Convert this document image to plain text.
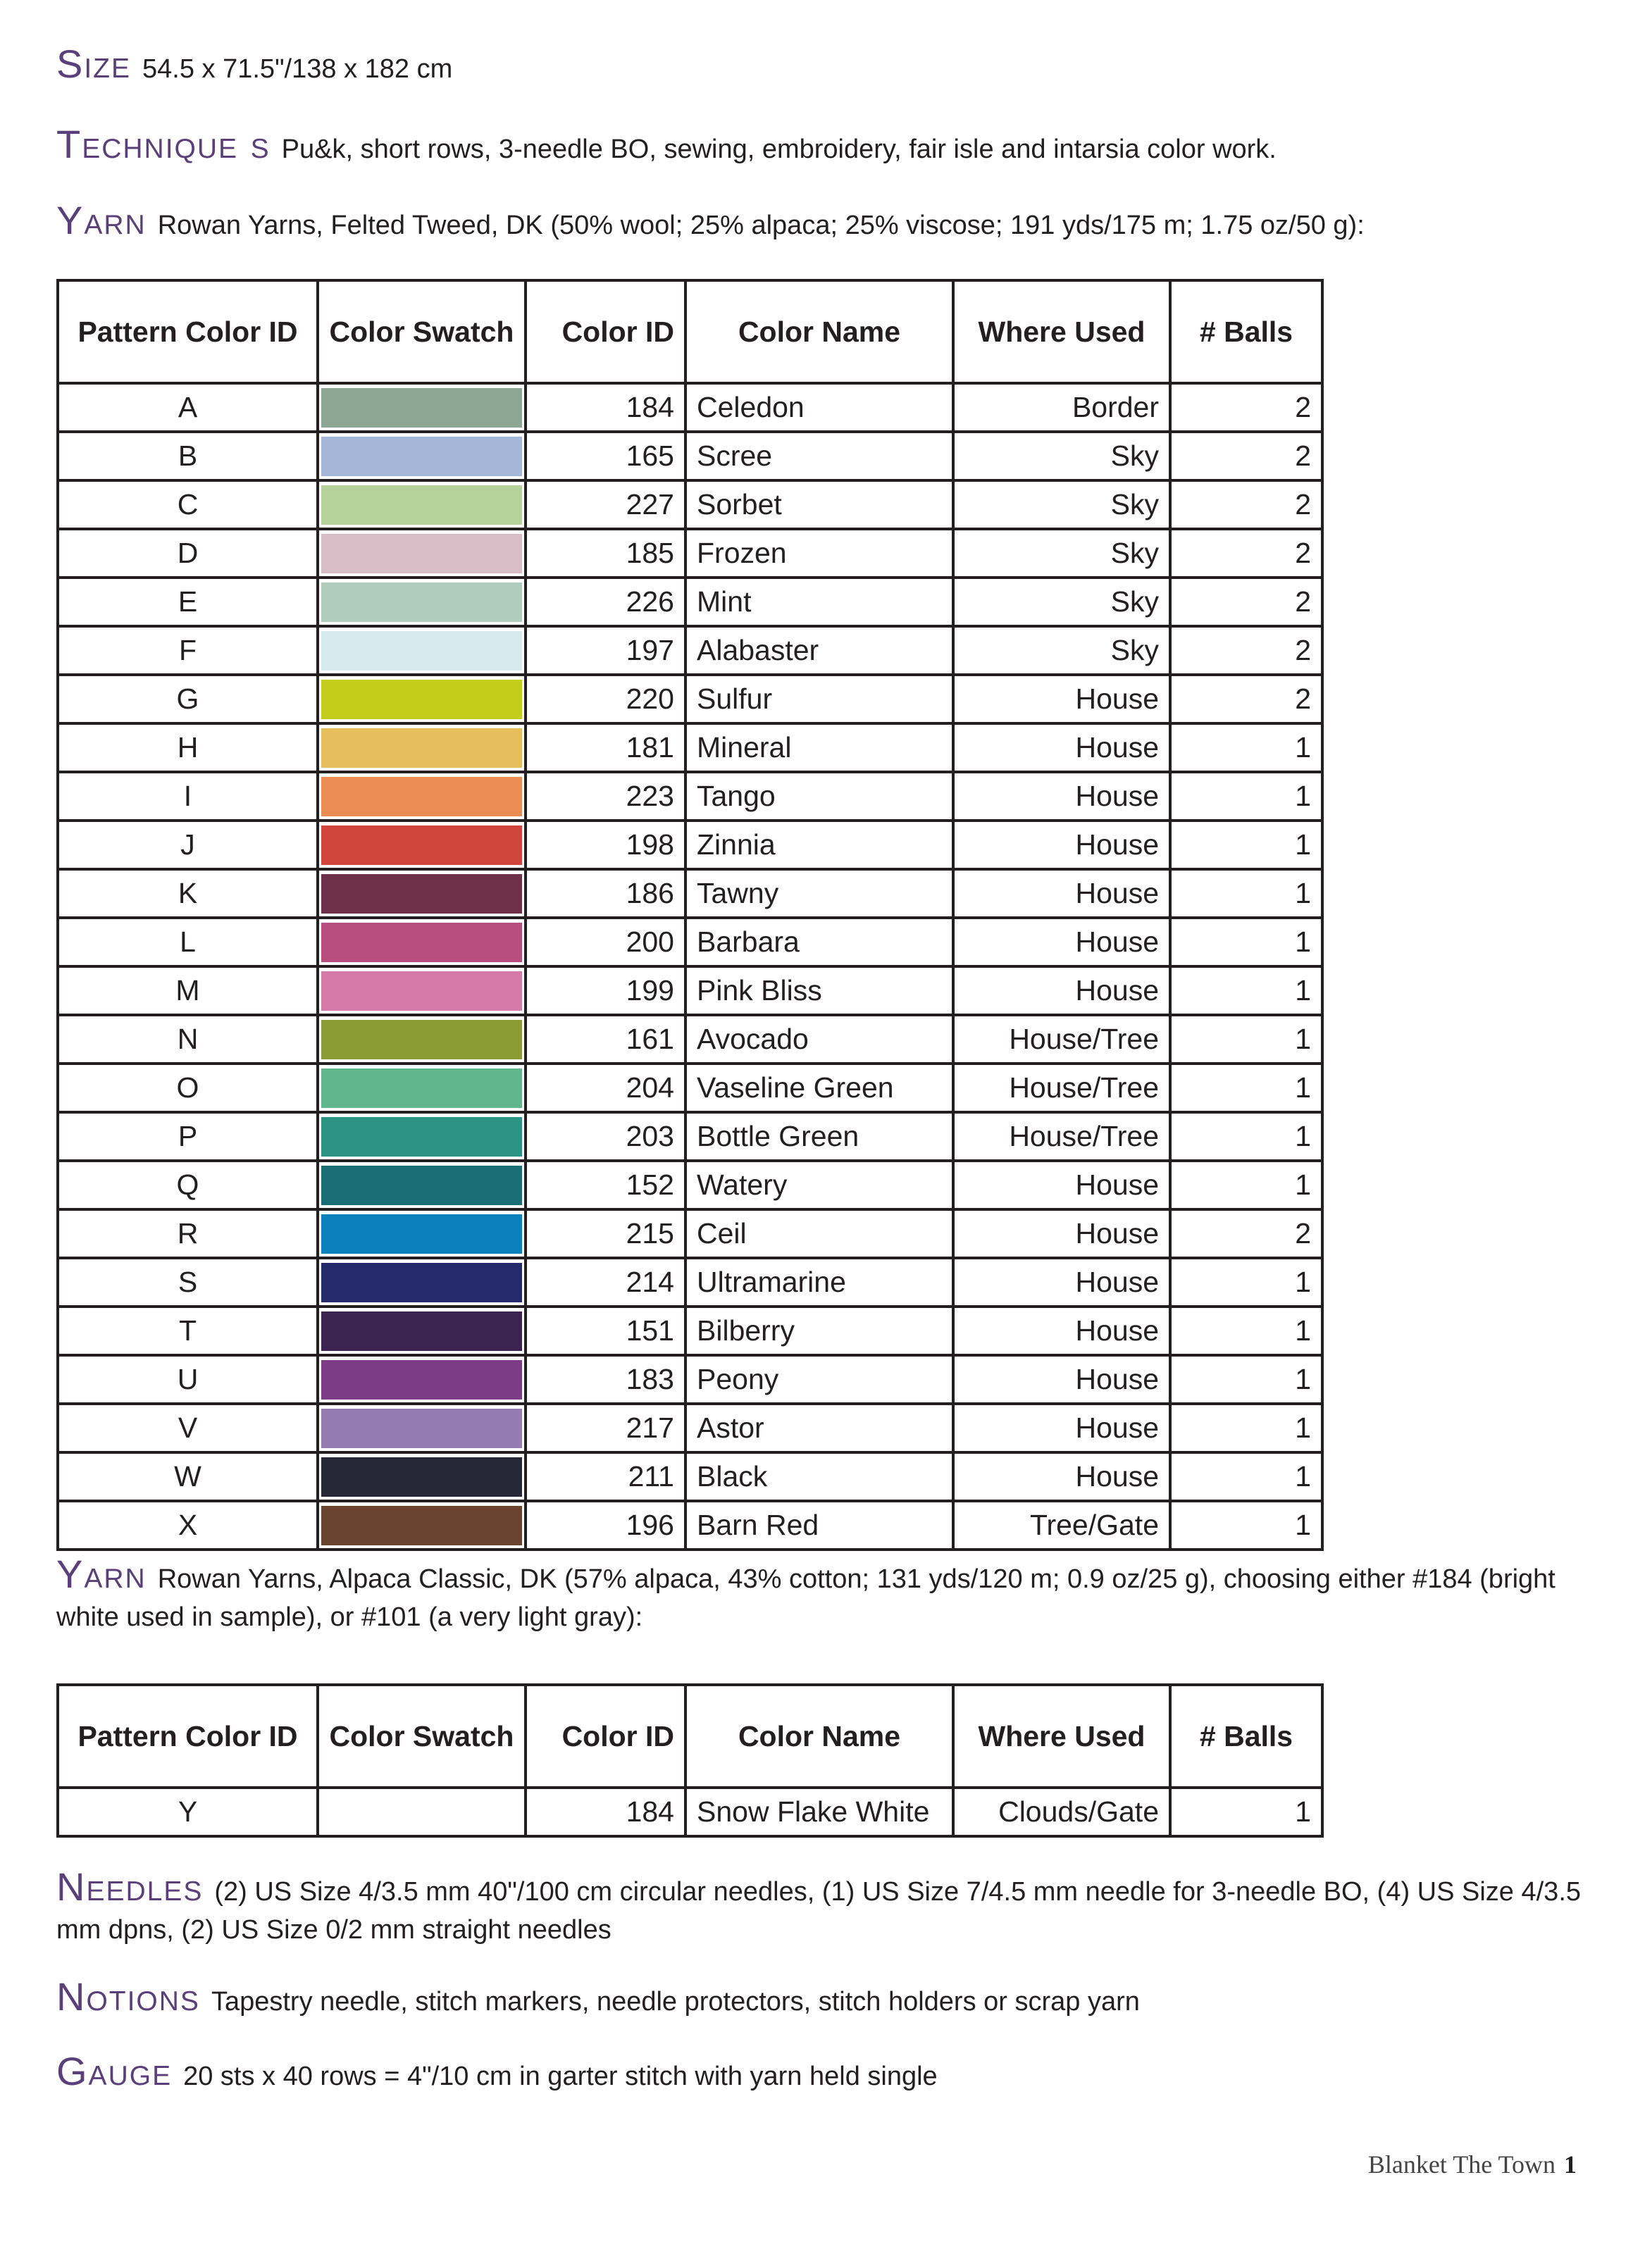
Size 54.5 x 71.5"/138 x 182 cm
Technique s Pu&k, short rows, 3-needle BO, sewing, embroidery, fair isle and intarsia color work.
Yarn Rowan Yarns, Felted Tweed, DK (50% wool; 25% alpaca; 25% viscose; 191 yds/175 m; 1.75 oz/50 g):
Pattern Color ID	Color Swatch	Color ID	Color Name	Where Used	# Balls
A		184	Celedon	Border	2
B		165	Scree	Sky	2
C		227	Sorbet	Sky	2
D		185	Frozen	Sky	2
E		226	Mint	Sky	2
F		197	Alabaster	Sky	2
G		220	Sulfur	House	2
H		181	Mineral	House	1
I		223	Tango	House	1
J		198	Zinnia	House	1
K		186	Tawny	House	1
L		200	Barbara	House	1
M		199	Pink Bliss	House	1
N		161	Avocado	House/Tree	1
O		204	Vaseline Green	House/Tree	1
P		203	Bottle Green	House/Tree	1
Q		152	Watery	House	1
R		215	Ceil	House	2
S		214	Ultramarine	House	1
T		151	Bilberry	House	1
U		183	Peony	House	1
V		217	Astor	House	1
W		211	Black	House	1
X		196	Barn Red	Tree/Gate	1
Yarn Rowan Yarns, Alpaca Classic, DK (57% alpaca, 43% cotton; 131 yds/120 m; 0.9 oz/25 g), choosing either #184 (bright white used in sample), or #101 (a very light gray):
Pattern Color ID	Color Swatch	Color ID	Color Name	Where Used	# Balls
Y		184	Snow Flake White	Clouds/Gate	1
Needles (2) US Size 4/3.5 mm 40"/100 cm circular needles, (1) US Size 7/4.5 mm needle for 3-needle BO, (4) US Size 4/3.5 mm dpns, (2) US Size 0/2 mm straight needles
Notions Tapestry needle, stitch markers, needle protectors, stitch holders or scrap yarn
Gauge 20 sts x 40 rows = 4"/10 cm in garter stitch with yarn held single
Blanket The Town 1
